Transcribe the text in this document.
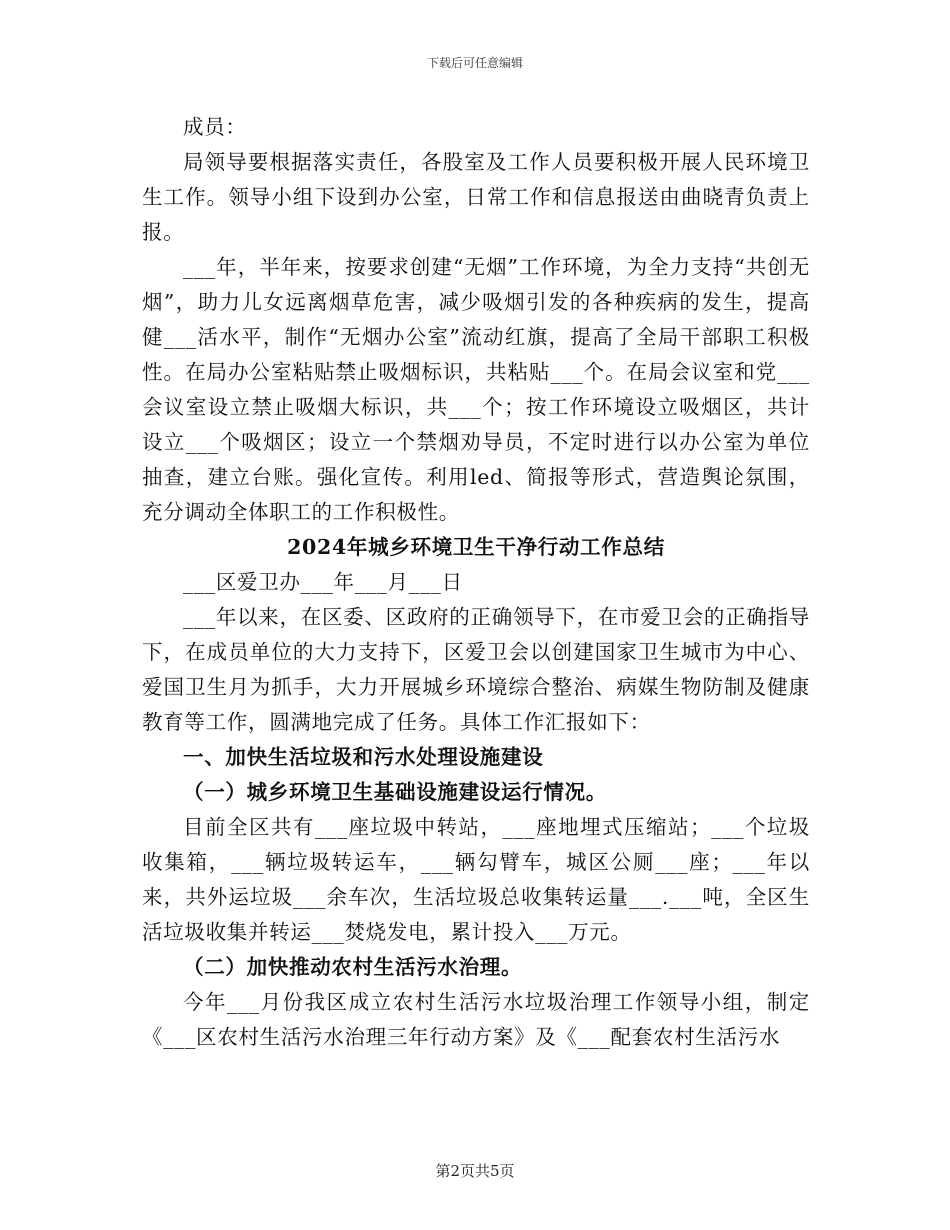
下载后可任意编辑

成员：

局领导要根据落实责任，各股室及工作人员要积极开展人民环境卫生工作。领导小组下设到办公室，日常工作和信息报送由曲晓青负责上报。

___年，半年来，按要求创建“无烟”工作环境，为全力支持“共创无烟”，助力儿女远离烟草危害，减少吸烟引发的各种疾病的发生，提高健___活水平，制作“无烟办公室”流动红旗，提高了全局干部职工积极性。在局办公室粘贴禁止吸烟标识，共粘贴___个。在局会议室和党___会议室设立禁止吸烟大标识，共___个；按工作环境设立吸烟区，共计设立___个吸烟区；设立一个禁烟劝导员，不定时进行以办公室为单位抽查，建立台账。强化宣传。利用led、简报等形式，营造舆论氛围，充分调动全体职工的工作积极性。

2024年城乡环境卫生干净行动工作总结

___区爱卫办___年___月___日

___年以来，在区委、区政府的正确领导下，在市爱卫会的正确指导下，在成员单位的大力支持下，区爱卫会以创建国家卫生城市为中心、爱国卫生月为抓手，大力开展城乡环境综合整治、病媒生物防制及健康教育等工作，圆满地完成了任务。具体工作汇报如下：

一、加快生活垃圾和污水处理设施建设

（一）城乡环境卫生基础设施建设运行情况。

目前全区共有___座垃圾中转站，___座地埋式压缩站；___个垃圾收集箱，___辆垃圾转运车，___辆勾臂车，城区公厕___座；___年以来，共外运垃圾___余车次，生活垃圾总收集转运量___.___吨，全区生活垃圾收集并转运___焚烧发电，累计投入___万元。

（二）加快推动农村生活污水治理。

今年___月份我区成立农村生活污水垃圾治理工作领导小组，制定《___区农村生活污水治理三年行动方案》及《___配套农村生活污水

第2页共5页
